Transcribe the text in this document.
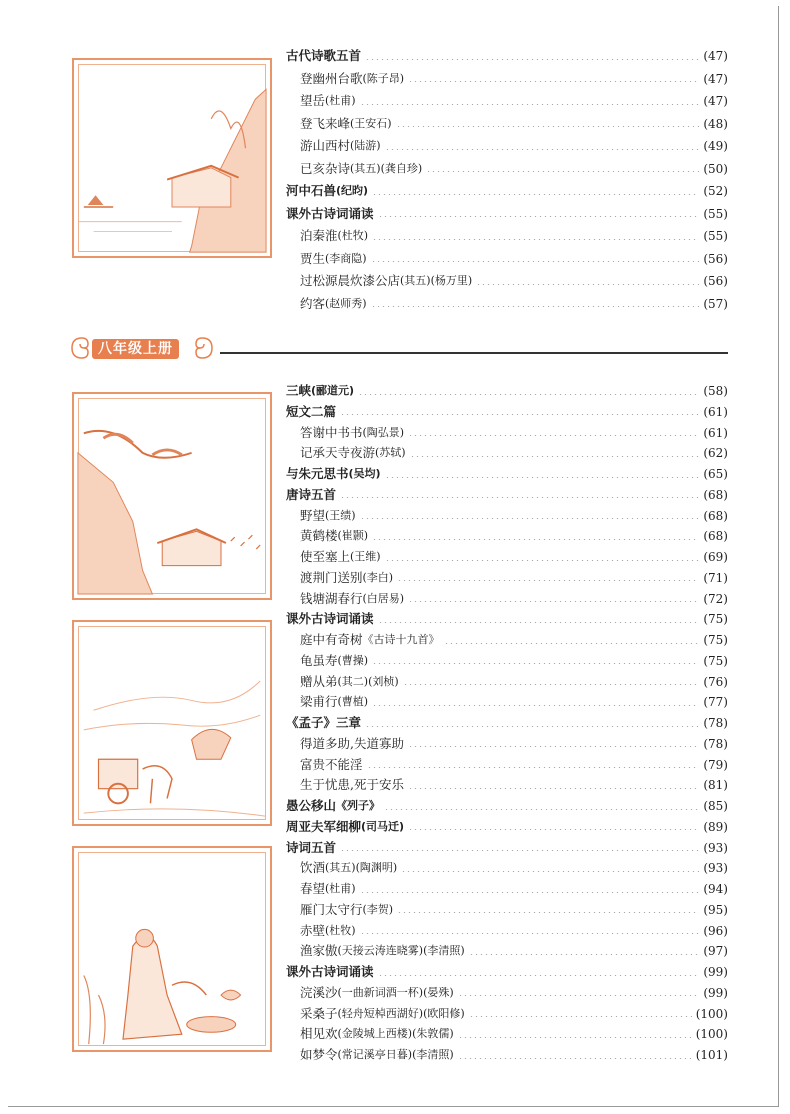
八年级上册
古代诗歌五首	(47)
登幽州台歌 (陈子昂)	(47)
望岳 (杜甫)	(47)
登飞来峰 (王安石)	(48)
游山西村 (陆游)	(49)
已亥杂诗 (其五)(龚自珍)	(50)
河中石兽 (纪昀)	(52)
课外古诗词诵读	(55)
泊秦淮 (杜牧)	(55)
贾生 (李商隐)	(56)
过松源晨炊漆公店 (其五)(杨万里)	(56)
约客 (赵师秀)	(57)
三峡 (郦道元)	(58)
短文二篇	(61)
答谢中书书 (陶弘景)	(61)
记承天寺夜游 (苏轼)	(62)
与朱元思书 (吴均)	(65)
唐诗五首	(68)
野望 (王绩)	(68)
黄鹤楼 (崔颢)	(68)
使至塞上 (王维)	(69)
渡荆门送别 (李白)	(71)
钱塘湖春行 (白居易)	(72)
课外古诗词诵读	(75)
庭中有奇树 《古诗十九首》	(75)
龟虽寿 (曹操)	(75)
赠从弟 (其二)(刘桢)	(76)
梁甫行 (曹植)	(77)
《孟子》三章	(78)
得道多助,失道寡助	(78)
富贵不能淫	(79)
生于忧患,死于安乐	(81)
愚公移山 《列子》	(85)
周亚夫军细柳 (司马迁)	(89)
诗词五首	(93)
饮酒 (其五)(陶渊明)	(93)
春望 (杜甫)	(94)
雁门太守行 (李贺)	(95)
赤壁 (杜牧)	(96)
渔家傲 (天接云涛连晓雾)(李清照)	(97)
课外古诗词诵读	(99)
浣溪沙 (一曲新词酒一杯)(晏殊)	(99)
采桑子 (轻舟短棹西湖好)(欧阳修)	(100)
相见欢 (金陵城上西楼)(朱敦儒)	(100)
如梦令 (常记溪亭日暮)(李清照)	(101)
